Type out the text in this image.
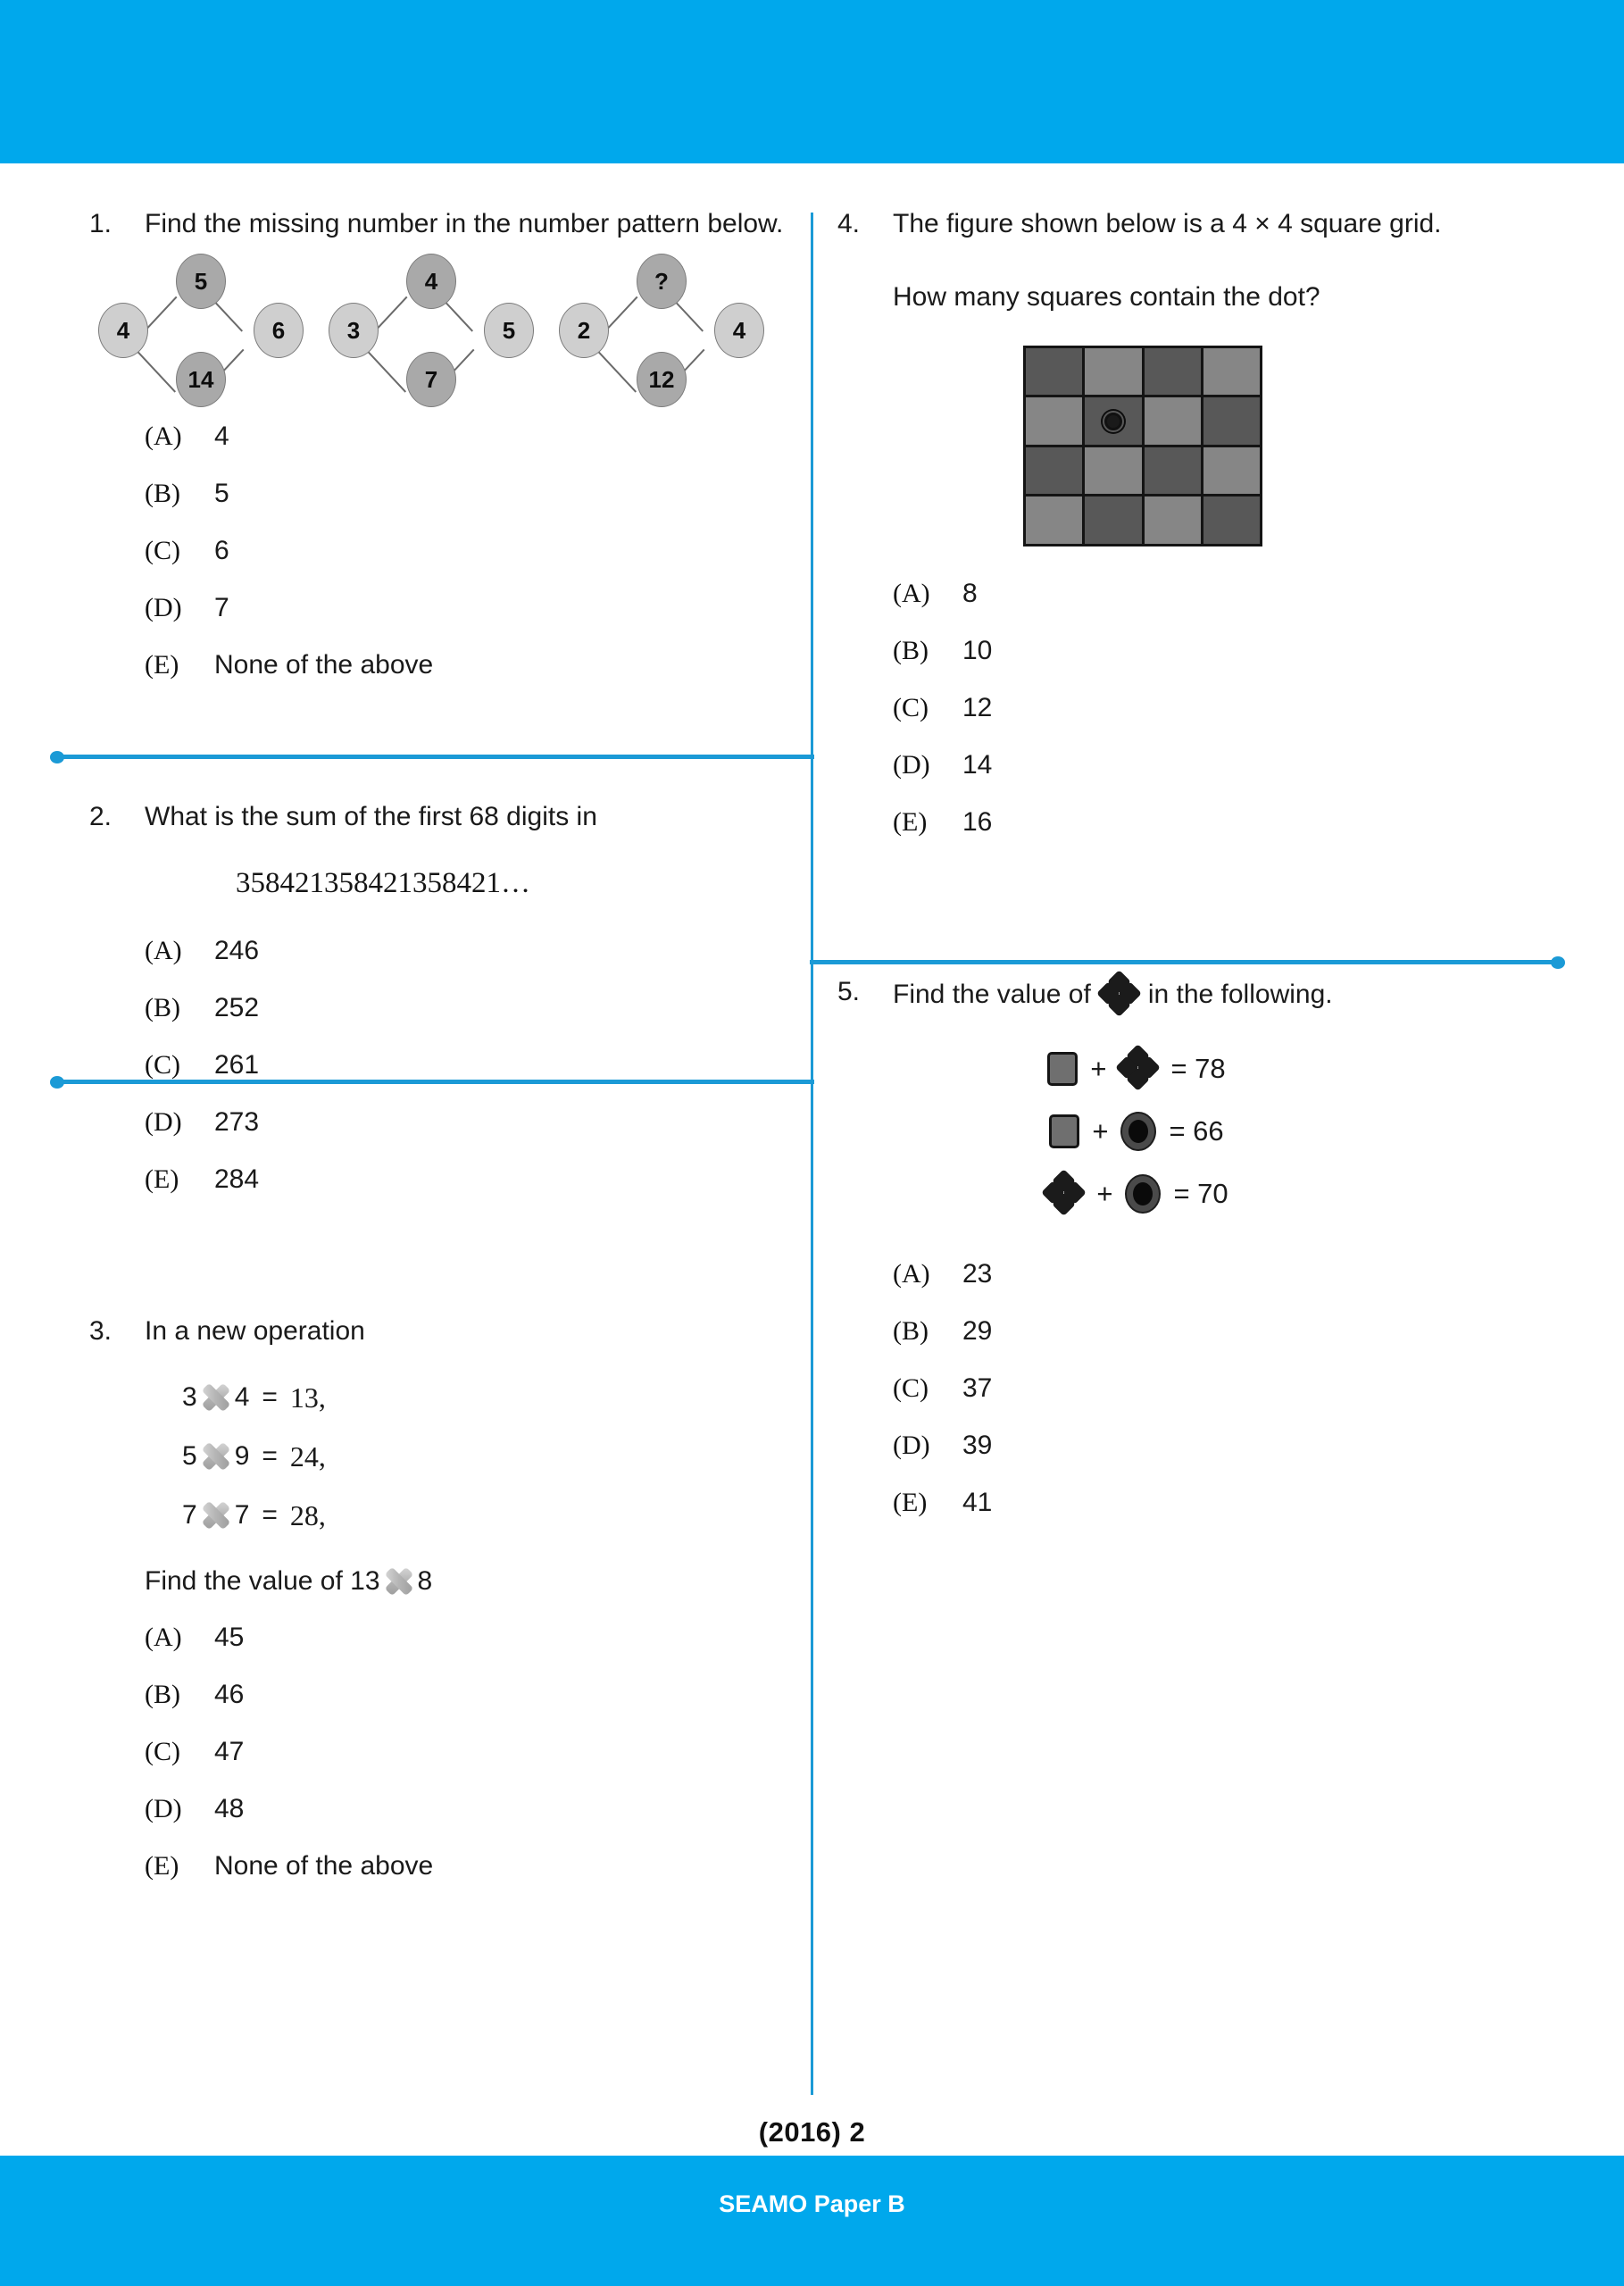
(2016) 2
SEAMO Paper B
1.	Find the missing number in the number pattern below.
5
4	6
14
4
3	5
7
?
2	4
12
(A)	4
(B)	5
(C)	6
(D)	7
(E)	None of the above
2.	What is the sum of the first 68 digits in
358421358421358421…
(A)	246
(B)	252
(C)	261
(D)	273
(E)	284
3.	In a new operation
3 4 = 13,
5 9 = 24,
7 7 = 28,
Find the value of 13 8
(A)	45
(B)	46
(C)	47
(D)	48
(E)	None of the above
4.	The figure shown below is a 4 × 4 square grid.
How many squares contain the dot?
(A)	8
(B)	10
(C)	12
(D)	14
(E)	16
5.	Find the value of in the following.
+ = 78
+ = 66
+ = 70
(A)	23
(B)	29
(C)	37
(D)	39
(E)	41
